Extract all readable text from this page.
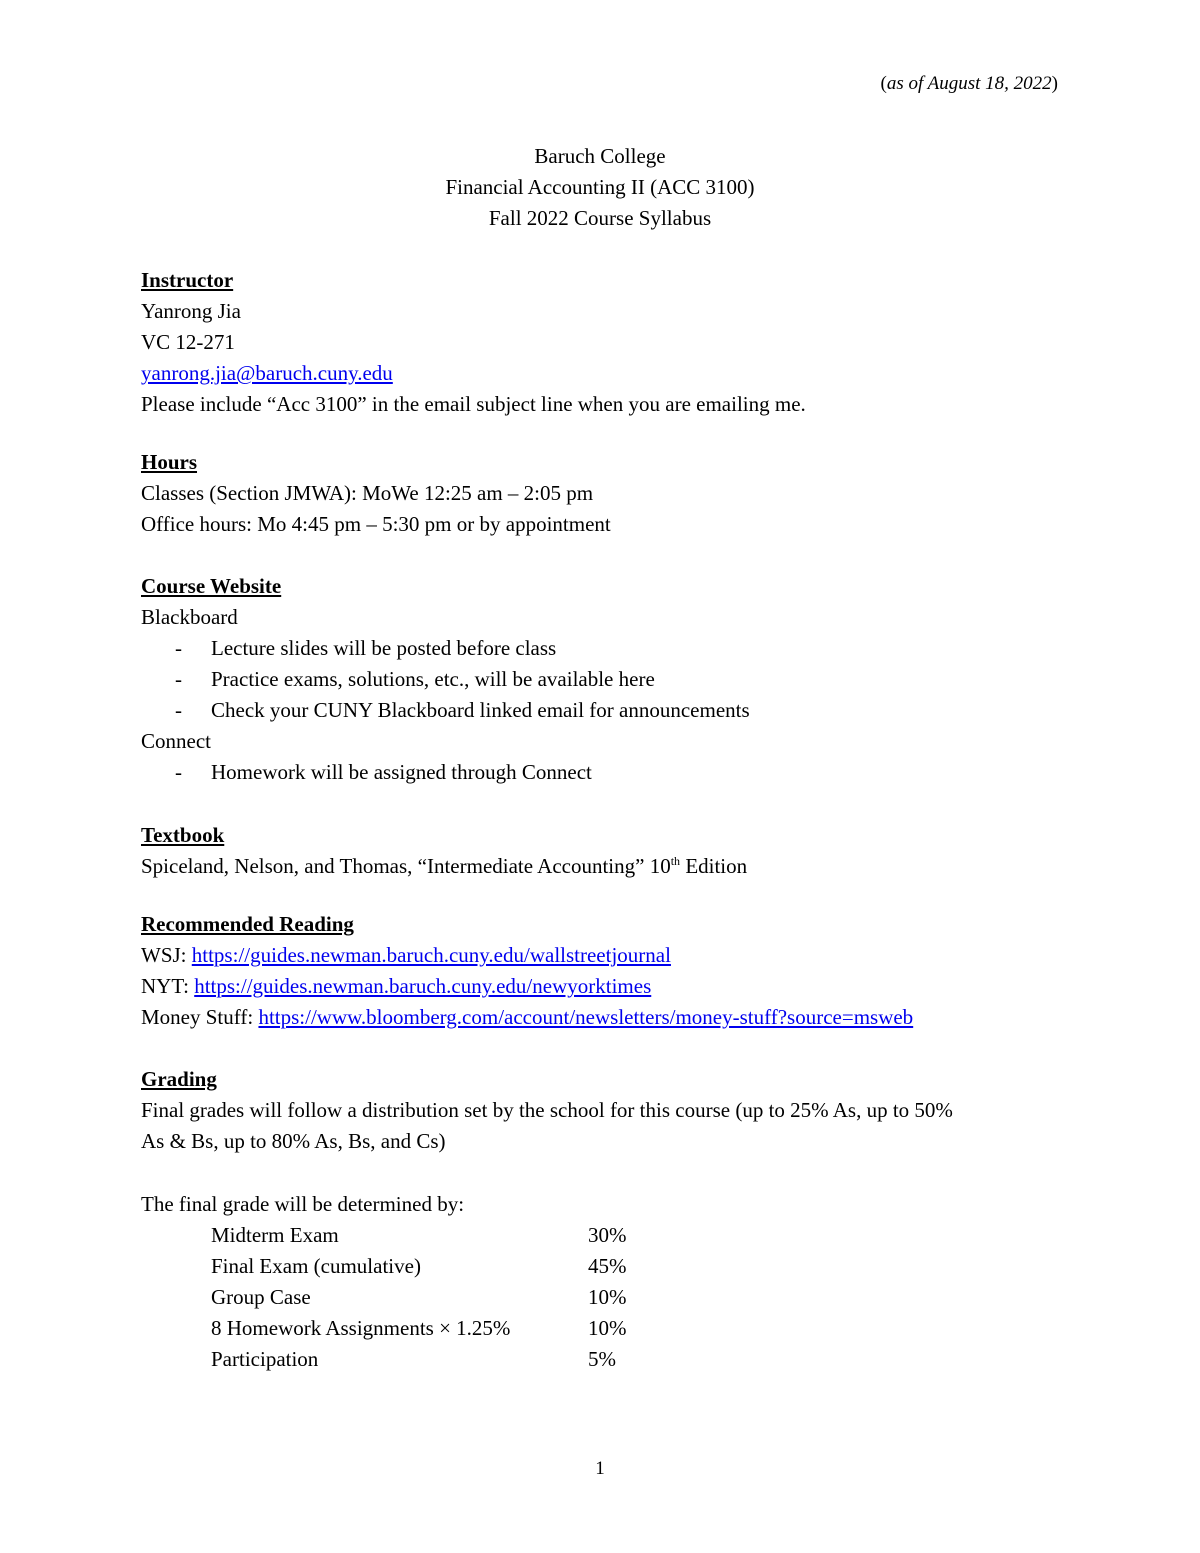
(as of August 18, 2022)
Baruch College
Financial Accounting II (ACC 3100)
Fall 2022 Course Syllabus
Instructor
Yanrong Jia
VC 12-271
yanrong.jia@baruch.cuny.edu
Please include “Acc 3100” in the email subject line when you are emailing me.
Hours
Classes (Section JMWA): MoWe 12:25 am – 2:05 pm
Office hours: Mo 4:45 pm – 5:30 pm or by appointment
Course Website
Blackboard
- Lecture slides will be posted before class
- Practice exams, solutions, etc., will be available here
- Check your CUNY Blackboard linked email for announcements
Connect
- Homework will be assigned through Connect
Textbook
Spiceland, Nelson, and Thomas, “Intermediate Accounting” 10th Edition
Recommended Reading
WSJ: https://guides.newman.baruch.cuny.edu/wallstreetjournal
NYT: https://guides.newman.baruch.cuny.edu/newyorktimes
Money Stuff: https://www.bloomberg.com/account/newsletters/money-stuff?source=msweb
Grading
Final grades will follow a distribution set by the school for this course (up to 25% As, up to 50%
As & Bs, up to 80% As, Bs, and Cs)
The final grade will be determined by:
Midterm Exam	30%
Final Exam (cumulative)	45%
Group Case	10%
8 Homework Assignments × 1.25%	10%
Participation	5%
1
